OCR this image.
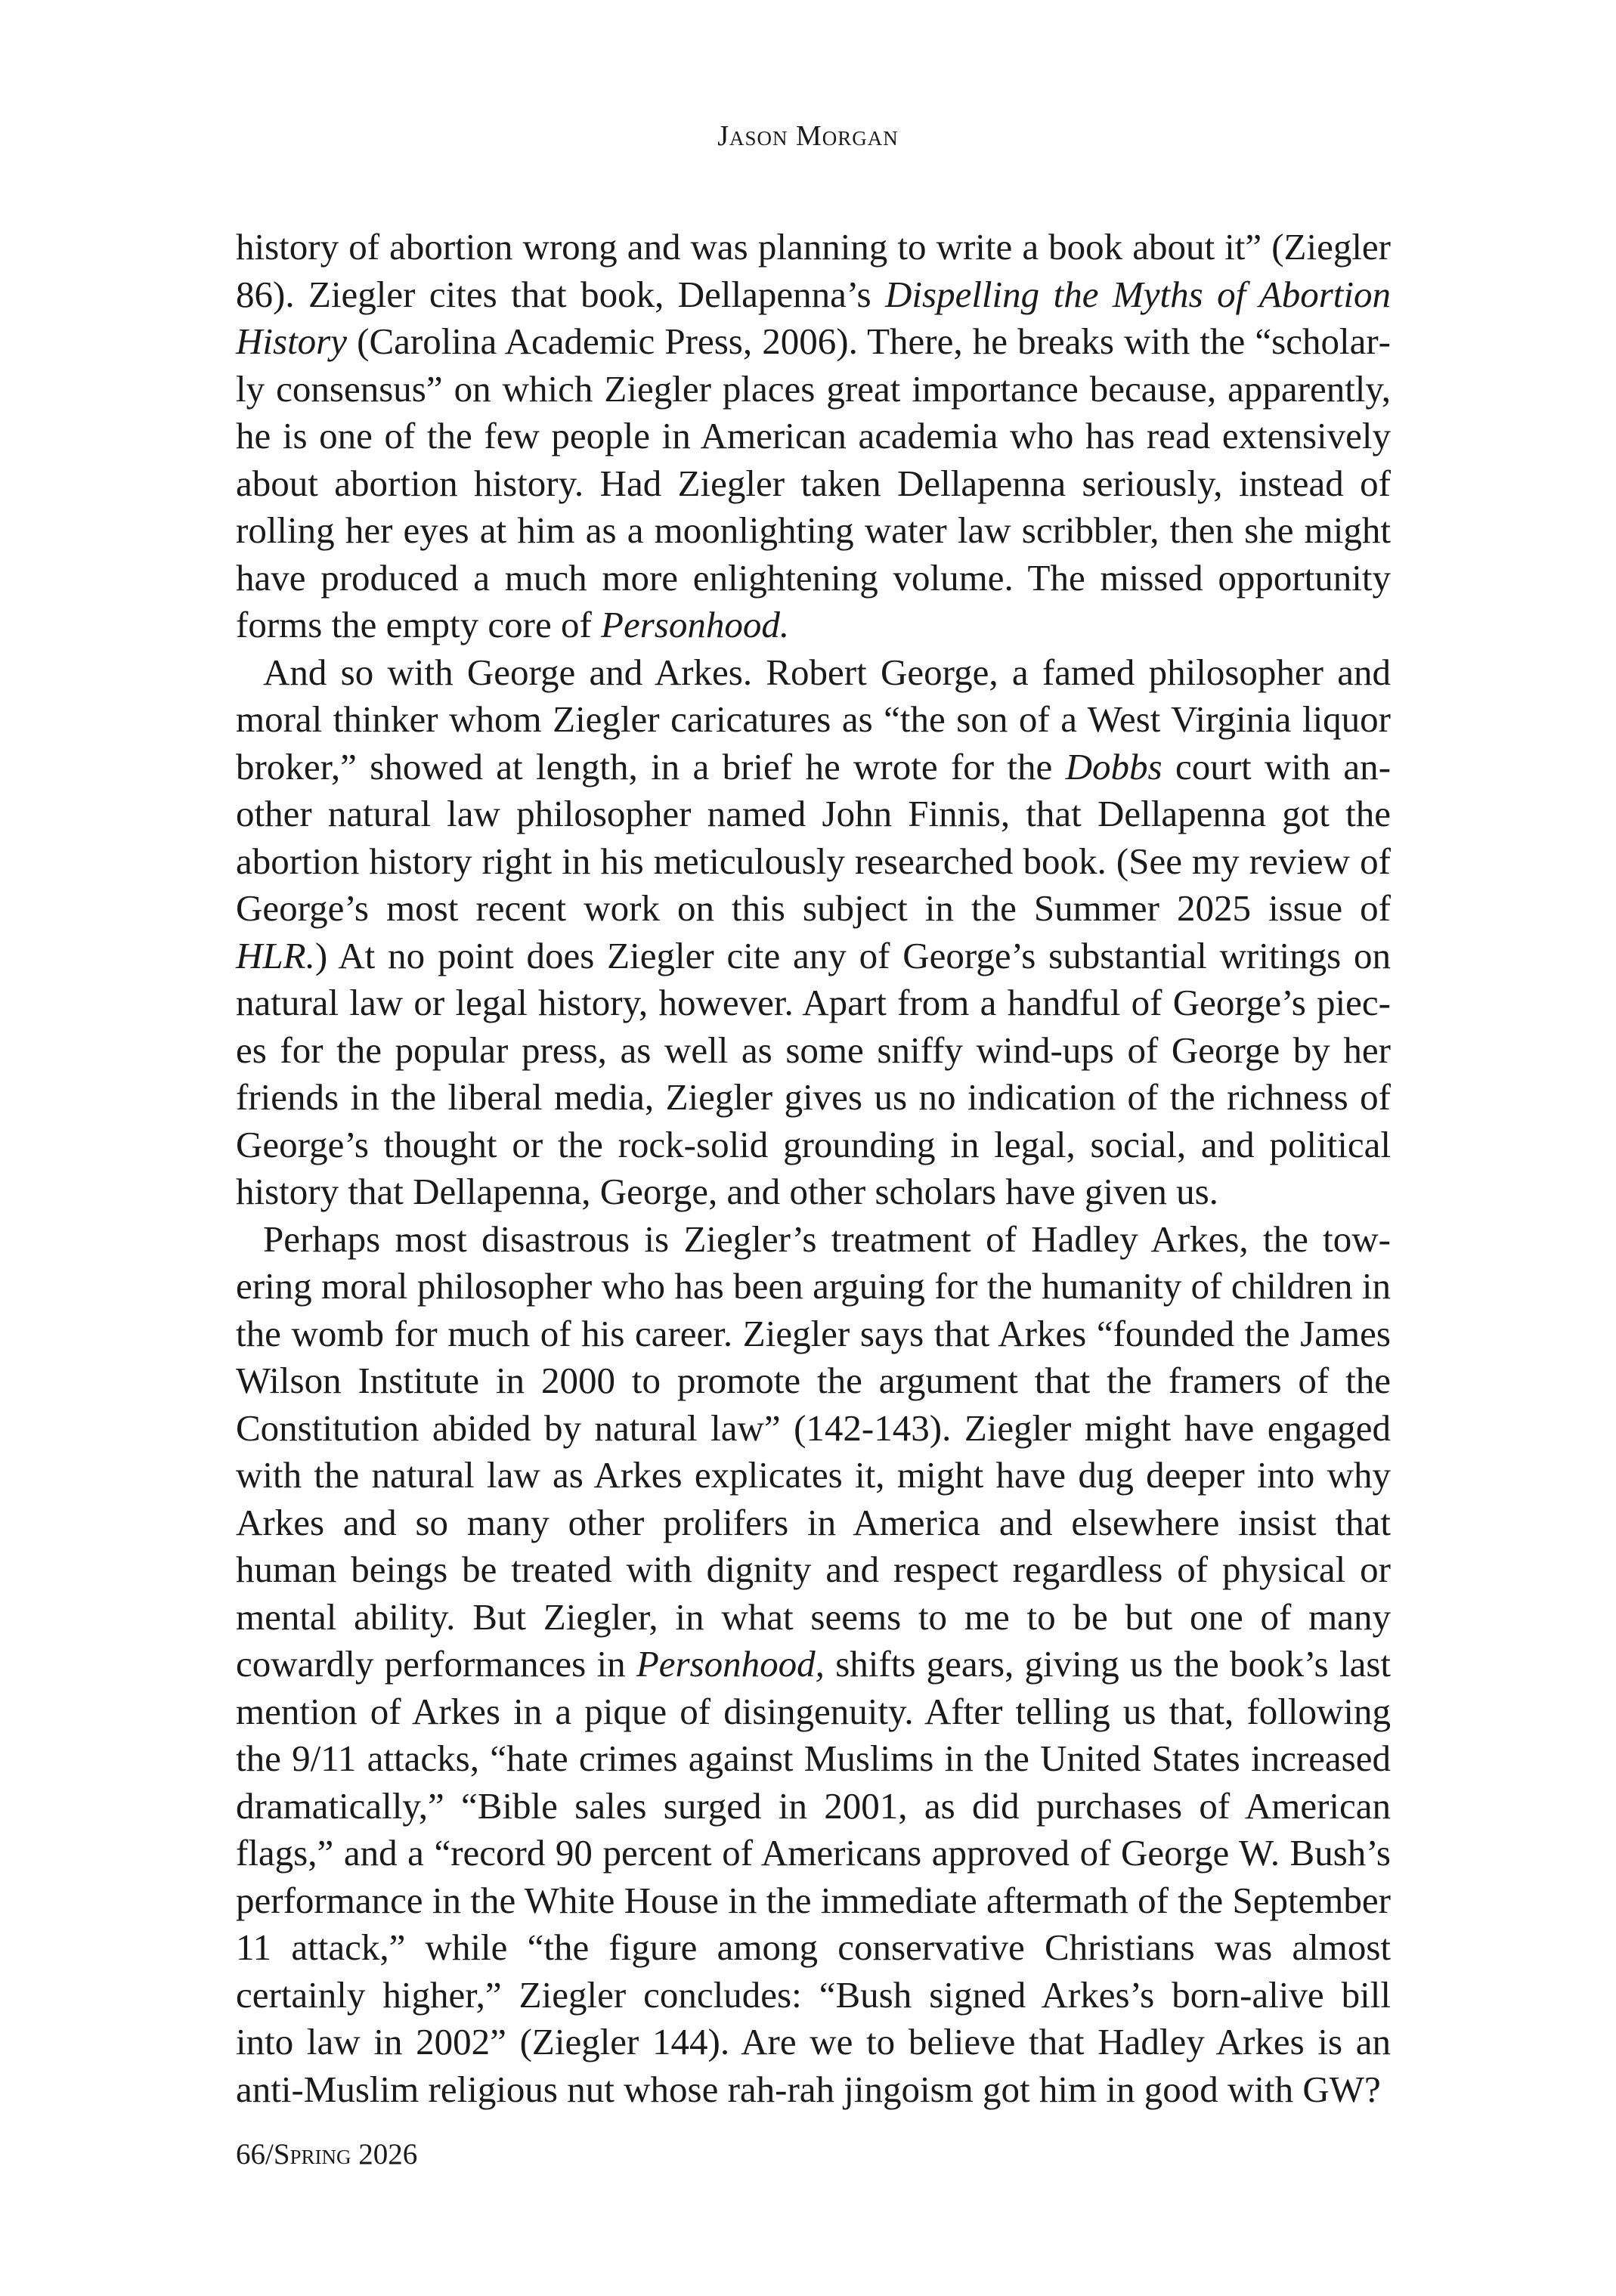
Jason Morgan

history of abortion wrong and was planning to write a book about it” (Ziegler 86). Ziegler cites that book, Dellapenna’s Dispelling the Myths of Abortion History (Carolina Academic Press, 2006). There, he breaks with the “scholarly consensus” on which Ziegler places great importance because, apparently, he is one of the few people in American academia who has read extensively about abortion history. Had Ziegler taken Dellapenna seriously, instead of rolling her eyes at him as a moonlighting water law scribbler, then she might have produced a much more enlightening volume. The missed opportunity forms the empty core of Personhood.

And so with George and Arkes. Robert George, a famed philosopher and moral thinker whom Ziegler caricatures as “the son of a West Virginia liquor broker,” showed at length, in a brief he wrote for the Dobbs court with another natural law philosopher named John Finnis, that Dellapenna got the abortion history right in his meticulously researched book. (See my review of George’s most recent work on this subject in the Summer 2025 issue of HLR.) At no point does Ziegler cite any of George’s substantial writings on natural law or legal history, however. Apart from a handful of George’s pieces for the popular press, as well as some sniffy wind-ups of George by her friends in the liberal media, Ziegler gives us no indication of the richness of George’s thought or the rock-solid grounding in legal, social, and political history that Dellapenna, George, and other scholars have given us.

Perhaps most disastrous is Ziegler’s treatment of Hadley Arkes, the towering moral philosopher who has been arguing for the humanity of children in the womb for much of his career. Ziegler says that Arkes “founded the James Wilson Institute in 2000 to promote the argument that the framers of the Constitution abided by natural law” (142-143). Ziegler might have engaged with the natural law as Arkes explicates it, might have dug deeper into why Arkes and so many other prolifers in America and elsewhere insist that human beings be treated with dignity and respect regardless of physical or mental ability. But Ziegler, in what seems to me to be but one of many cowardly performances in Personhood, shifts gears, giving us the book’s last mention of Arkes in a pique of disingenuity. After telling us that, following the 9/11 attacks, “hate crimes against Muslims in the United States increased dramatically,” “Bible sales surged in 2001, as did purchases of American flags,” and a “record 90 percent of Americans approved of George W. Bush’s performance in the White House in the immediate aftermath of the September 11 attack,” while “the figure among conservative Christians was almost certainly higher,” Ziegler concludes: “Bush signed Arkes’s born-alive bill into law in 2002” (Ziegler 144). Are we to believe that Hadley Arkes is an anti-Muslim religious nut whose rah-rah jingoism got him in good with GW?

66/Spring 2026
